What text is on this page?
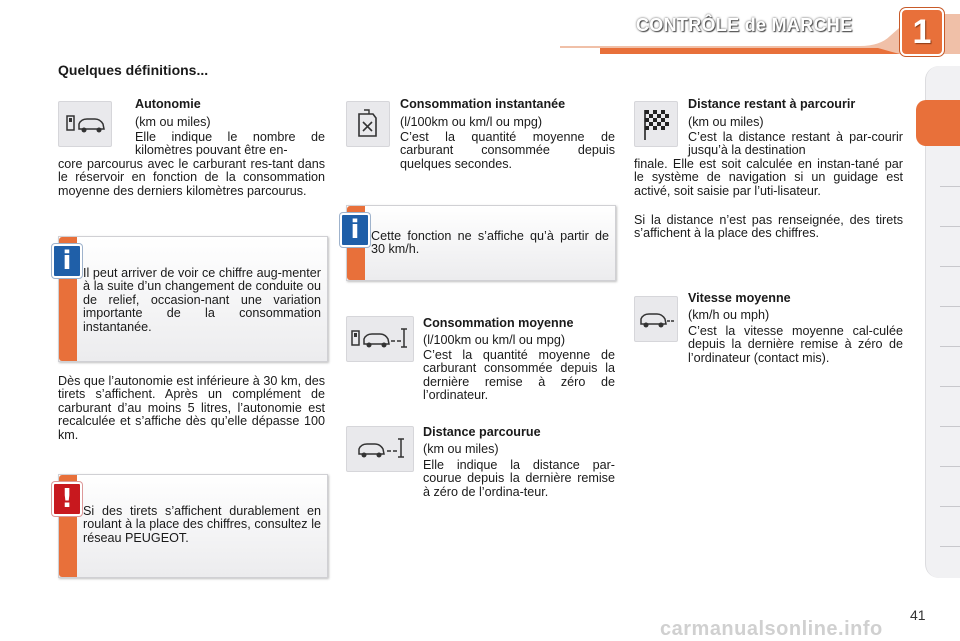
CONTRÔLE de MARCHE	1
Quelques définitions...
Autonomie
(km ou miles)
Elle indique le nombre de kilomètres pouvant être en-
core parcourus avec le carburant res-tant dans le réservoir en fonction de la consommation moyenne des derniers kilomètres parcourus.
Il peut arriver de voir ce chiffre aug-menter à la suite d’un changement de conduite ou de relief, occasion-nant une variation importante de la consommation instantanée.
i
Dès que l’autonomie est inférieure à 30 km, des tirets s’affichent. Après un complément de carburant d’au moins 5 litres, l’autonomie est recalculée et s’affiche dès qu’elle dépasse 100 km.
Si des tirets s’affichent durablement en roulant à la place des chiffres, consultez le réseau PEUGEOT.
!
Consommation instantanée
(l/100km ou km/l ou mpg)
C’est la quantité moyenne de carburant consommée depuis quelques secondes.
Cette fonction ne s’affiche qu’à partir de 30 km/h.
i
Consommation moyenne
(l/100km ou km/l ou mpg)
C’est la quantité moyenne de carburant consommée depuis la dernière remise à zéro de l’ordinateur.
Distance parcourue
(km ou miles)
Elle indique la distance par-courue depuis la dernière remise à zéro de l’ordina-teur.
Distance restant à parcourir
(km ou miles)
C’est la distance restant à par-courir jusqu’à la destination
finale. Elle est soit calculée en instan-tané par le système de navigation si un guidage est activé, soit saisie par l’uti-lisateur.
Si la distance n’est pas renseignée, des tirets s’affichent à la place des chiffres.
Vitesse moyenne
(km/h ou mph)
C’est la vitesse moyenne cal-culée depuis la dernière remise à zéro de l’ordinateur (contact mis).
41
carmanualsonline.info
